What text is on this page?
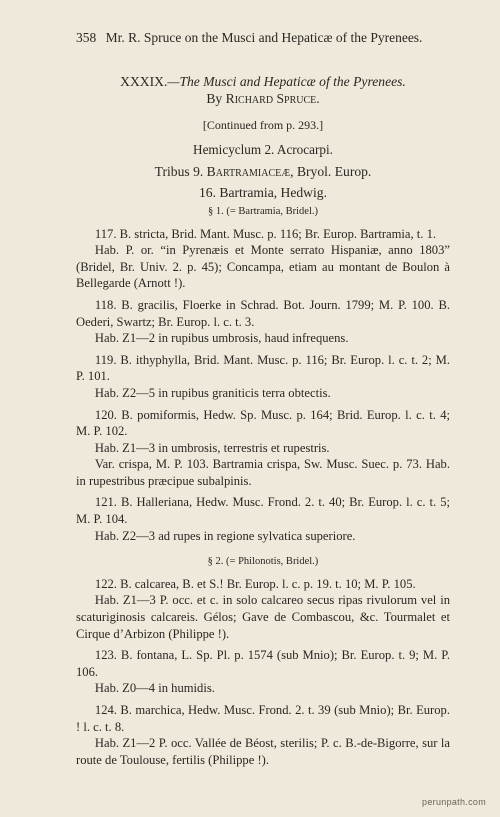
358 Mr. R. Spruce on the Musci and Hepaticæ of the Pyrenees.
XXXIX.—The Musci and Hepaticæ of the Pyrenees.
By Richard Spruce.
[Continued from p. 293.]
Hemicyclum 2. Acrocarpi.
Tribus 9. Bartramiaceæ, Bryol. Europ.
16. Bartramia, Hedwig.
§ 1. (= Bartramia, Bridel.)
117. B. stricta, Brid. Mant. Musc. p. 116; Br. Europ. Bartramia, t. 1.
Hab. P. or. “in Pyrenæis et Monte serrato Hispaniæ, anno 1803” (Bridel, Br. Univ. 2. p. 45); Concampa, etiam au montant de Boulon à Bellegarde (Arnott !).
118. B. gracilis, Floerke in Schrad. Bot. Journ. 1799; M. P. 100. B. Oederi, Swartz; Br. Europ. l. c. t. 3.
Hab. Z1—2 in rupibus umbrosis, haud infrequens.
119. B. ithyphylla, Brid. Mant. Musc. p. 116; Br. Europ. l. c. t. 2; M. P. 101.
Hab. Z2—5 in rupibus graniticis terra obtectis.
120. B. pomiformis, Hedw. Sp. Musc. p. 164; Brid. Europ. l. c. t. 4; M. P. 102.
Hab. Z1—3 in umbrosis, terrestris et rupestris.
Var. crispa, M. P. 103. Bartramia crispa, Sw. Musc. Suec. p. 73. Hab. in rupestribus præcipue subalpinis.
121. B. Halleriana, Hedw. Musc. Frond. 2. t. 40; Br. Europ. l. c. t. 5; M. P. 104.
Hab. Z2—3 ad rupes in regione sylvatica superiore.
§ 2. (= Philonotis, Bridel.)
122. B. calcarea, B. et S.! Br. Europ. l. c. p. 19. t. 10; M. P. 105.
Hab. Z1—3 P. occ. et c. in solo calcareo secus ripas rivulorum vel in scaturiginosis calcareis. Gélos; Gave de Combascou, &c. Tourmalet et Cirque d’Arbizon (Philippe !).
123. B. fontana, L. Sp. Pl. p. 1574 (sub Mnio); Br. Europ. t. 9; M. P. 106.
Hab. Z0—4 in humidis.
124. B. marchica, Hedw. Musc. Frond. 2. t. 39 (sub Mnio); Br. Europ. ! l. c. t. 8.
Hab. Z1—2 P. occ. Vallée de Béost, sterilis; P. c. B.-de-Bigorre, sur la route de Toulouse, fertilis (Philippe !).
perunpath.com
